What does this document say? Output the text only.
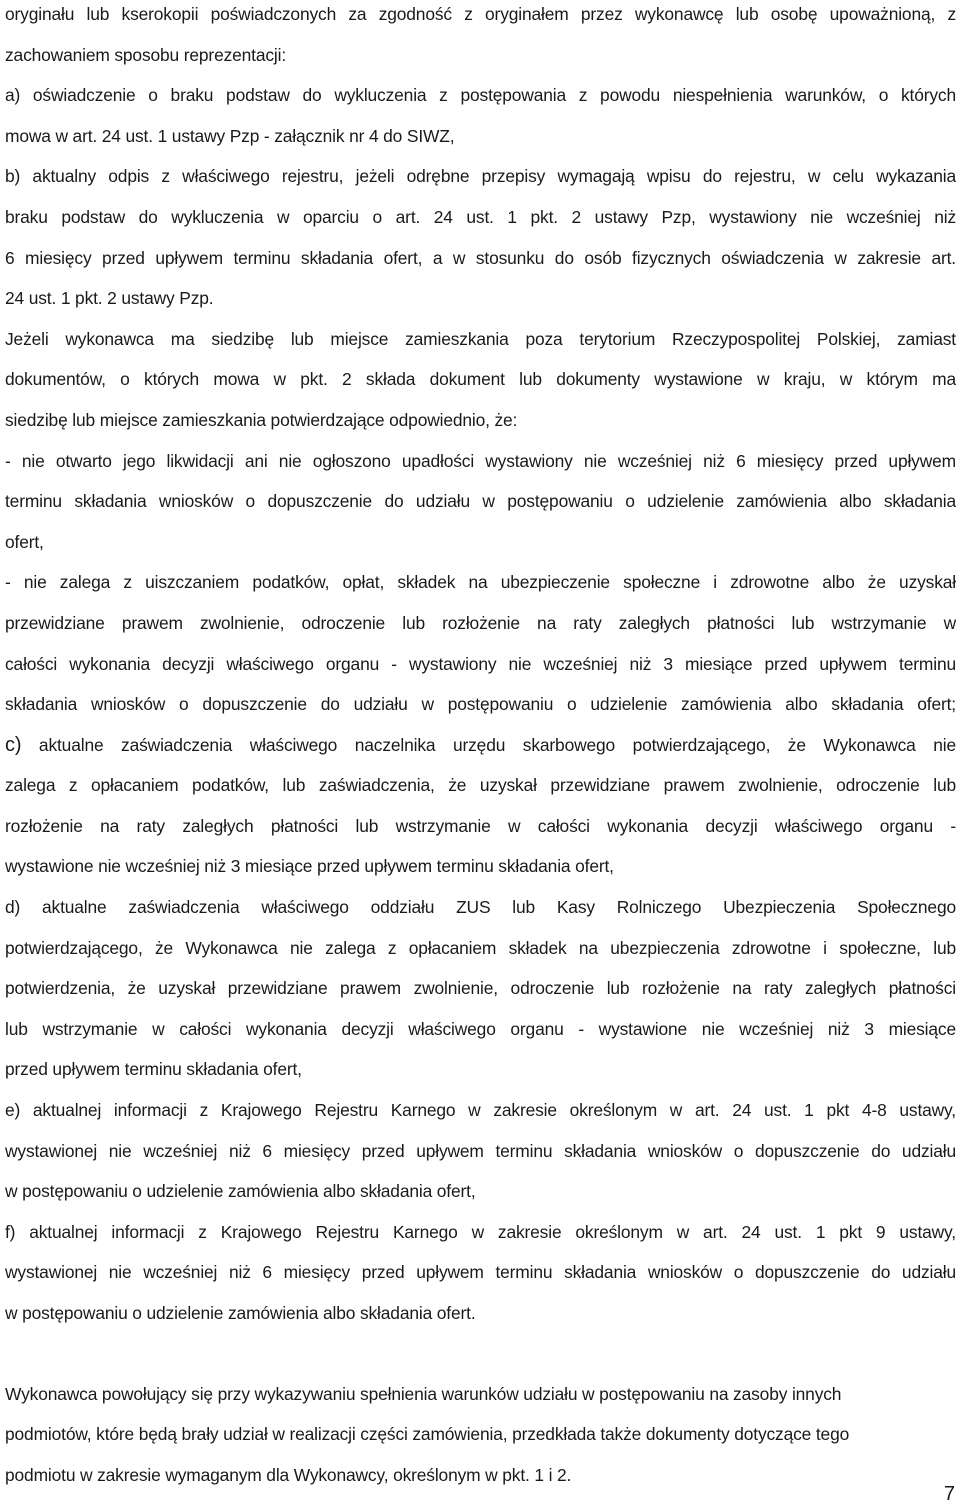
oryginału lub kserokopii poświadczonych za zgodność z oryginałem przez wykonawcę lub osobę upoważnioną, z
zachowaniem sposobu reprezentacji:
a) oświadczenie o braku podstaw do wykluczenia z postępowania z powodu niespełnienia warunków, o których
mowa w art. 24 ust. 1 ustawy Pzp - załącznik nr 4 do SIWZ,
b) aktualny odpis z właściwego rejestru, jeżeli odrębne przepisy wymagają wpisu do rejestru, w celu wykazania
braku podstaw do wykluczenia w oparciu o art. 24 ust. 1 pkt. 2 ustawy Pzp, wystawiony nie wcześniej niż
6 miesięcy przed upływem terminu składania ofert, a w stosunku do osób fizycznych oświadczenia w zakresie art.
24 ust. 1 pkt. 2 ustawy Pzp.
Jeżeli wykonawca ma siedzibę lub miejsce zamieszkania poza terytorium Rzeczypospolitej Polskiej, zamiast
dokumentów, o których mowa w pkt. 2 składa dokument lub dokumenty wystawione w kraju, w którym ma
siedzibę lub miejsce zamieszkania potwierdzające odpowiednio, że:
- nie otwarto jego likwidacji ani nie ogłoszono upadłości wystawiony nie wcześniej niż 6 miesięcy przed upływem
terminu składania wniosków o dopuszczenie do udziału w postępowaniu o udzielenie zamówienia albo składania
ofert,
- nie zalega z uiszczaniem podatków, opłat, składek na ubezpieczenie społeczne i zdrowotne albo że uzyskał
przewidziane prawem zwolnienie, odroczenie lub rozłożenie na raty zaległych płatności lub wstrzymanie w
całości wykonania decyzji właściwego organu - wystawiony nie wcześniej niż 3 miesiące przed upływem terminu
składania wniosków o dopuszczenie do udziału w postępowaniu o udzielenie zamówienia albo składania ofert;
c) aktualne zaświadczenia właściwego naczelnika urzędu skarbowego potwierdzającego, że Wykonawca nie
zalega z opłacaniem podatków, lub zaświadczenia, że uzyskał przewidziane prawem zwolnienie, odroczenie lub
rozłożenie na raty zaległych płatności lub wstrzymanie w całości wykonania decyzji właściwego organu -
wystawione nie wcześniej niż 3 miesiące przed upływem terminu składania ofert,
d) aktualne zaświadczenia właściwego oddziału ZUS lub Kasy Rolniczego Ubezpieczenia Społecznego
potwierdzającego, że Wykonawca nie zalega z opłacaniem składek na ubezpieczenia zdrowotne i społeczne, lub
potwierdzenia, że uzyskał przewidziane prawem zwolnienie, odroczenie lub rozłożenie na raty zaległych płatności
lub wstrzymanie w całości wykonania decyzji właściwego organu - wystawione nie wcześniej niż 3 miesiące
przed upływem terminu składania ofert,
e) aktualnej informacji z Krajowego Rejestru Karnego w zakresie określonym w art. 24 ust. 1 pkt 4-8 ustawy,
wystawionej nie wcześniej niż 6 miesięcy przed upływem terminu składania wniosków o dopuszczenie do udziału
w postępowaniu o udzielenie zamówienia albo składania ofert,
f) aktualnej informacji z Krajowego Rejestru Karnego w zakresie określonym w art. 24 ust. 1 pkt 9 ustawy,
wystawionej nie wcześniej niż 6 miesięcy przed upływem terminu składania wniosków o dopuszczenie do udziału
w postępowaniu o udzielenie zamówienia albo składania ofert.
Wykonawca powołujący się przy wykazywaniu spełnienia warunków udziału w postępowaniu na zasoby innych
podmiotów, które będą brały udział w realizacji części zamówienia, przedkłada także dokumenty dotyczące tego
podmiotu w zakresie wymaganym dla Wykonawcy, określonym w pkt. 1 i 2.
7
